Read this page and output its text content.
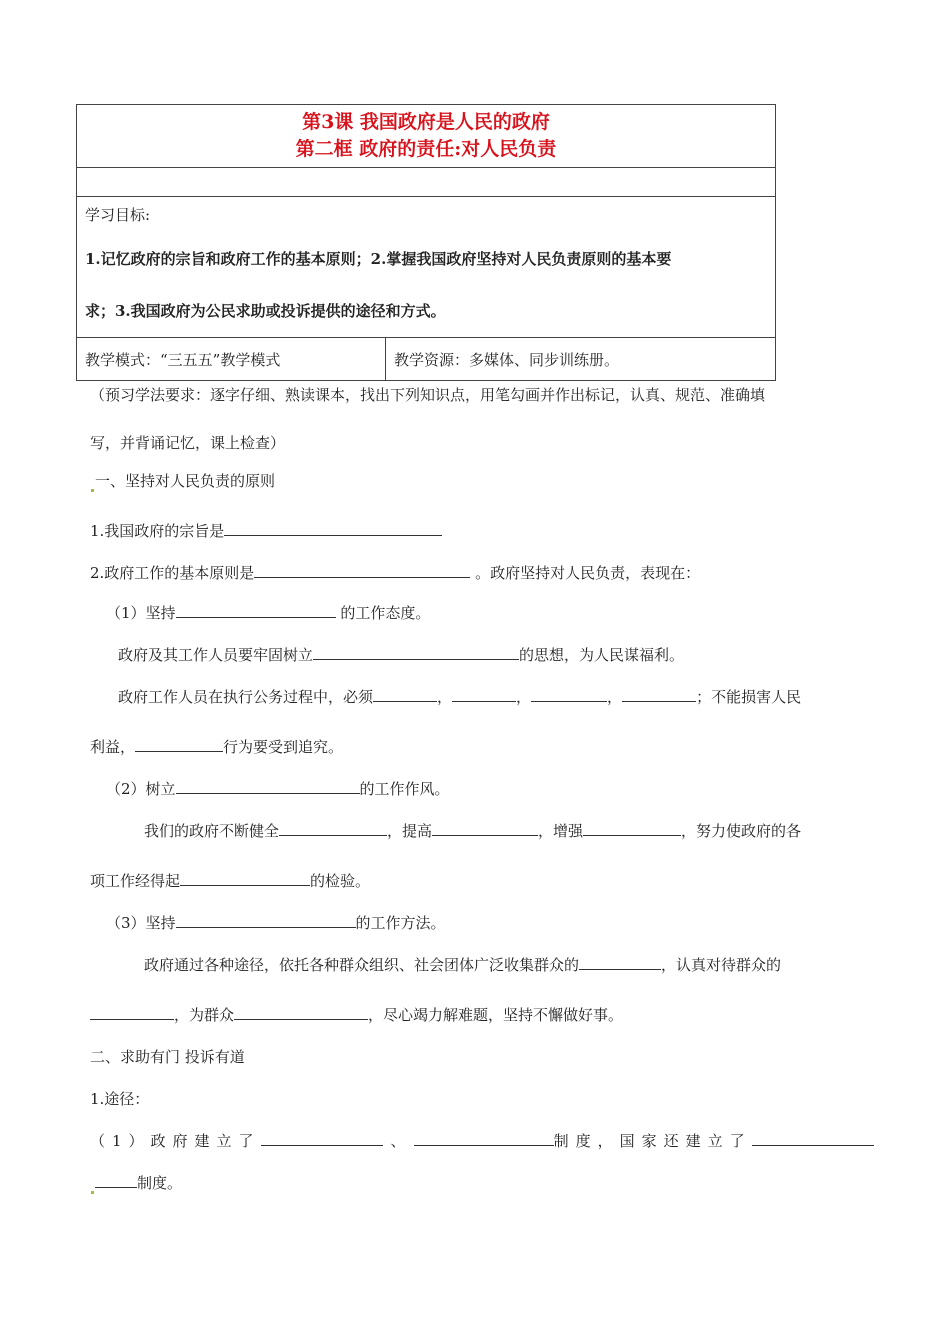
第3课 我国政府是人民的政府
第二框 政府的责任:对人民负责

学习目标:
1.记忆政府的宗旨和政府工作的基本原则；2.掌握我国政府坚持对人民负责原则的基本要
求；3.我国政府为公民求助或投诉提供的途径和方式。

教学模式：“三五五”教学模式	教学资源：多媒体、同步训练册。
（预习学法要求：逐字仔细、熟读课本，找出下列知识点，用笔勾画并作出标记，认真、规范、准确填
写，并背诵记忆，课上检查）
一、坚持对人民负责的原则
1.我国政府的宗旨是
2.政府工作的基本原则是	。政府坚持对人民负责，表现在：
（1）坚持	的工作态度。
政府及其工作人员要牢固树立	的思想，为人民谋福利。
政府工作人员在执行公务过程中，必须	，	，	，	；不能损害人民
利益，	行为要受到追究。
（2）树立	的工作作风。
我们的政府不断健全	，提高	，增强	，努力使政府的各
项工作经得起	的检验。
（3）坚持	的工作方法。
政府通过各种途径，依托各种群众组织、社会团体广泛收集群众的	，认真对待群众的
，为群众	，尽心竭力解难题，坚持不懈做好事。
二、求助有门 投诉有道
1.途径：
（1）政府建立了	、	制度，国家还建立了
制度。
